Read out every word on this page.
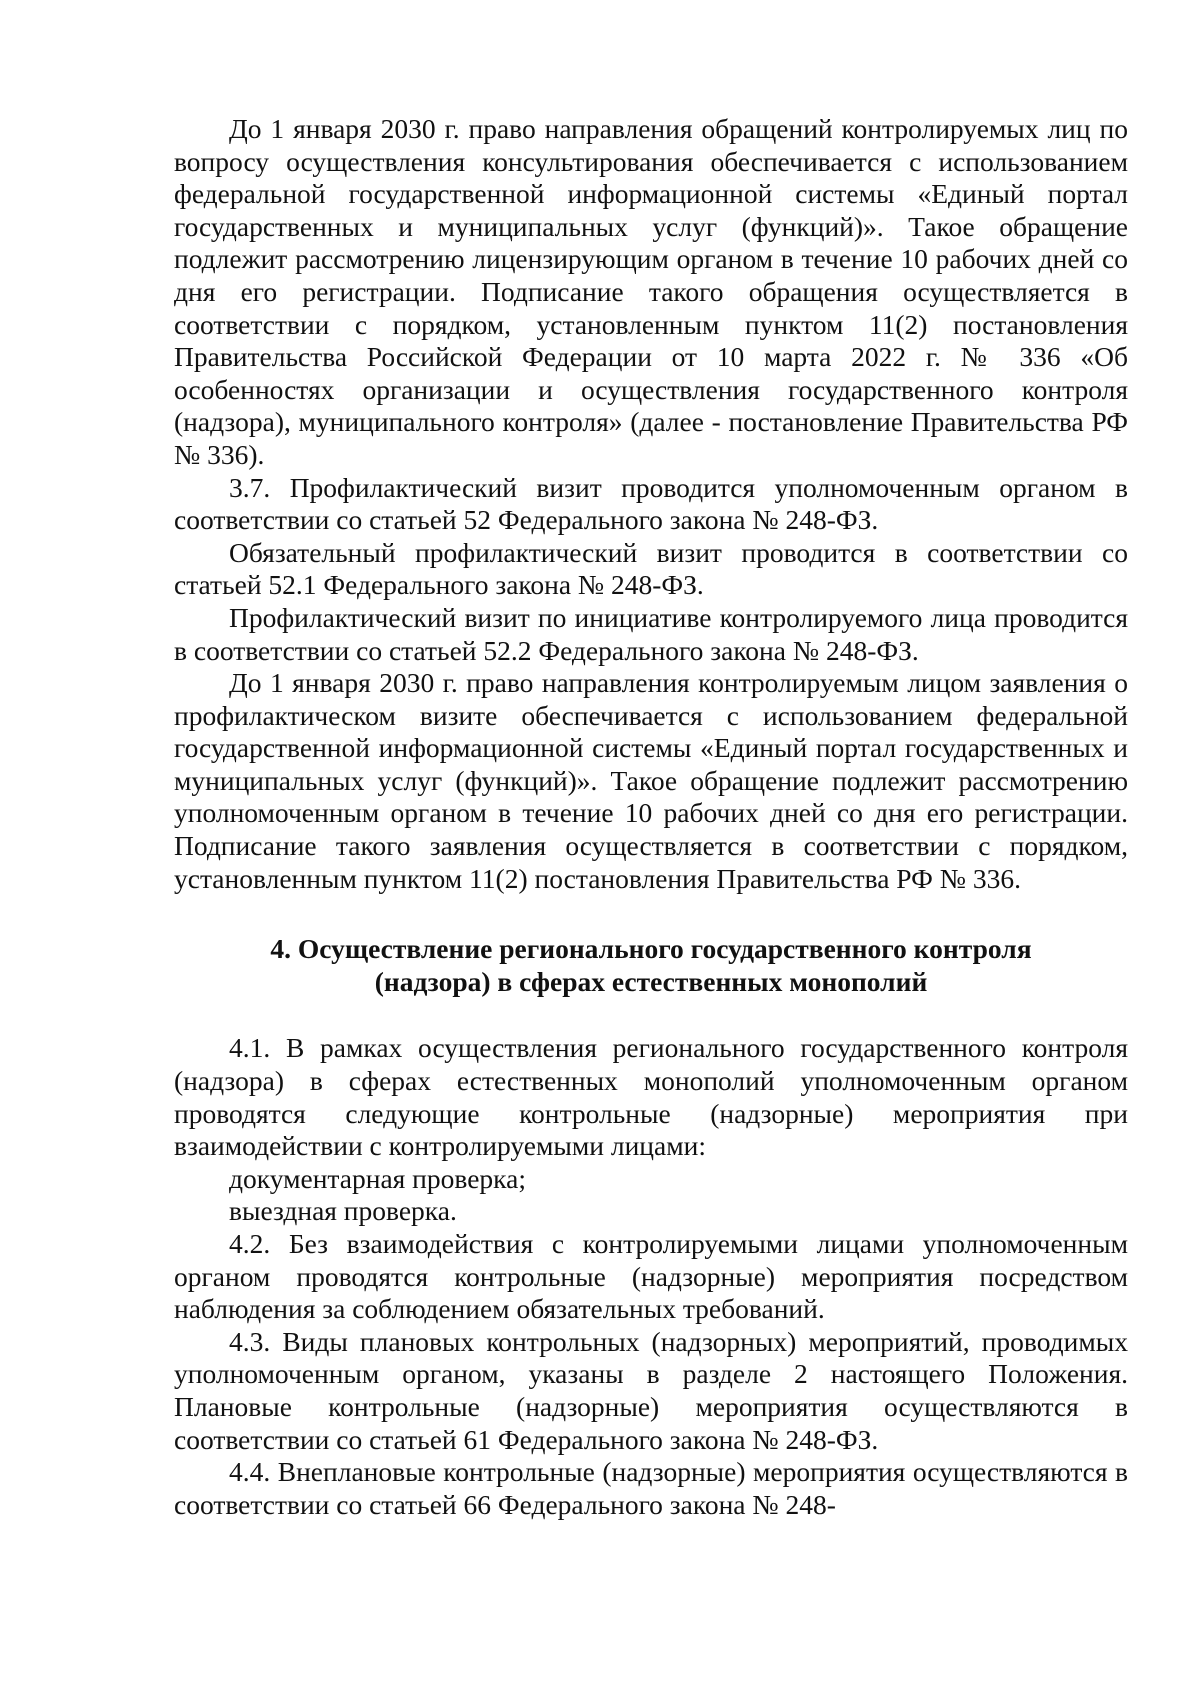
До 1 января 2030 г. право направления обращений контролируемых лиц по вопросу осуществления консультирования обеспечивается с использованием федеральной государственной информационной системы «Единый портал государственных и муниципальных услуг (функций)». Такое обращение подлежит рассмотрению лицензирующим органом в течение 10 рабочих дней со дня его регистрации. Подписание такого обращения осуществляется в соответствии с порядком, установленным пунктом 11(2) постановления Правительства Российской Федерации от 10 марта 2022 г. № 336 «Об особенностях организации и осуществления государственного контроля (надзора), муниципального контроля» (далее - постановление Правительства РФ № 336).

3.7. Профилактический визит проводится уполномоченным органом в соответствии со статьей 52 Федерального закона № 248-ФЗ.

Обязательный профилактический визит проводится в соответствии со статьей 52.1 Федерального закона № 248-ФЗ.

Профилактический визит по инициативе контролируемого лица проводится в соответствии со статьей 52.2 Федерального закона № 248-ФЗ.

До 1 января 2030 г. право направления контролируемым лицом заявления о профилактическом визите обеспечивается с использованием федеральной государственной информационной системы «Единый портал государственных и муниципальных услуг (функций)». Такое обращение подлежит рассмотрению уполномоченным органом в течение 10 рабочих дней со дня его регистрации. Подписание такого заявления осуществляется в соответствии с порядком, установленным пунктом 11(2) постановления Правительства РФ № 336.

4. Осуществление регионального государственного контроля

(надзора) в сферах естественных монополий

4.1. В рамках осуществления регионального государственного контроля (надзора) в сферах естественных монополий уполномоченным органом проводятся следующие контрольные (надзорные) мероприятия при взаимодействии с контролируемыми лицами:

документарная проверка;

выездная проверка.

4.2. Без взаимодействия с контролируемыми лицами уполномоченным органом проводятся контрольные (надзорные) мероприятия посредством наблюдения за соблюдением обязательных требований.

4.3. Виды плановых контрольных (надзорных) мероприятий, проводимых уполномоченным органом, указаны в разделе 2 настоящего Положения. Плановые контрольные (надзорные) мероприятия осуществляются в соответствии со статьей 61 Федерального закона № 248-ФЗ.

4.4. Внеплановые контрольные (надзорные) мероприятия осуществляются в соответствии со статьей 66 Федерального закона № 248-
